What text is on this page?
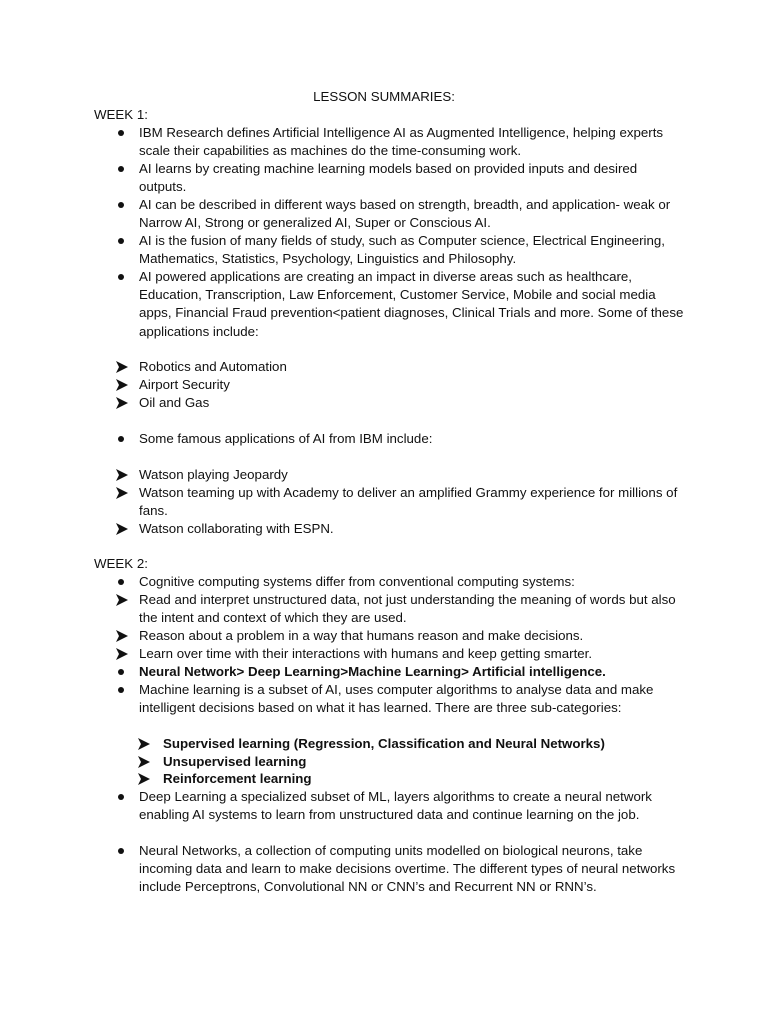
LESSON SUMMARIES:
WEEK 1:
IBM Research defines Artificial Intelligence AI as Augmented Intelligence, helping experts scale their capabilities as machines do the time-consuming work.
AI learns by creating machine learning models based on provided inputs and desired outputs.
AI can be described in different ways based on strength, breadth, and application- weak or Narrow AI, Strong or generalized AI, Super or Conscious AI.
AI is the fusion of many fields of study, such as Computer science, Electrical Engineering, Mathematics, Statistics, Psychology, Linguistics and Philosophy.
AI powered applications are creating an impact in diverse areas such as healthcare, Education, Transcription, Law Enforcement, Customer Service, Mobile and social media apps, Financial Fraud prevention<patient diagnoses, Clinical Trials and more. Some of these applications include:
Robotics and Automation
Airport Security
Oil and Gas
Some famous applications of AI from IBM include:
Watson playing Jeopardy
Watson teaming up with Academy to deliver an amplified Grammy experience for millions of fans.
Watson collaborating with ESPN.
WEEK 2:
Cognitive computing systems differ from conventional computing systems:
Read and interpret unstructured data, not just understanding the meaning of words but also the intent and context of which they are used.
Reason about a problem in a way that humans reason and make decisions.
Learn over time with their interactions with humans and keep getting smarter.
Neural Network> Deep Learning>Machine Learning> Artificial intelligence.
Machine learning is a subset of AI, uses computer algorithms to analyse data and make intelligent decisions based on what it has learned. There are three sub-categories:
Supervised learning (Regression, Classification and Neural Networks)
Unsupervised learning
Reinforcement learning
Deep Learning a specialized subset of ML, layers algorithms to create a neural network enabling AI systems to learn from unstructured data and continue learning on the job.
Neural Networks, a collection of computing units modelled on biological neurons, take incoming data and learn to make decisions overtime. The different types of neural networks include Perceptrons, Convolutional NN or CNN’s and Recurrent NN or RNN’s.
